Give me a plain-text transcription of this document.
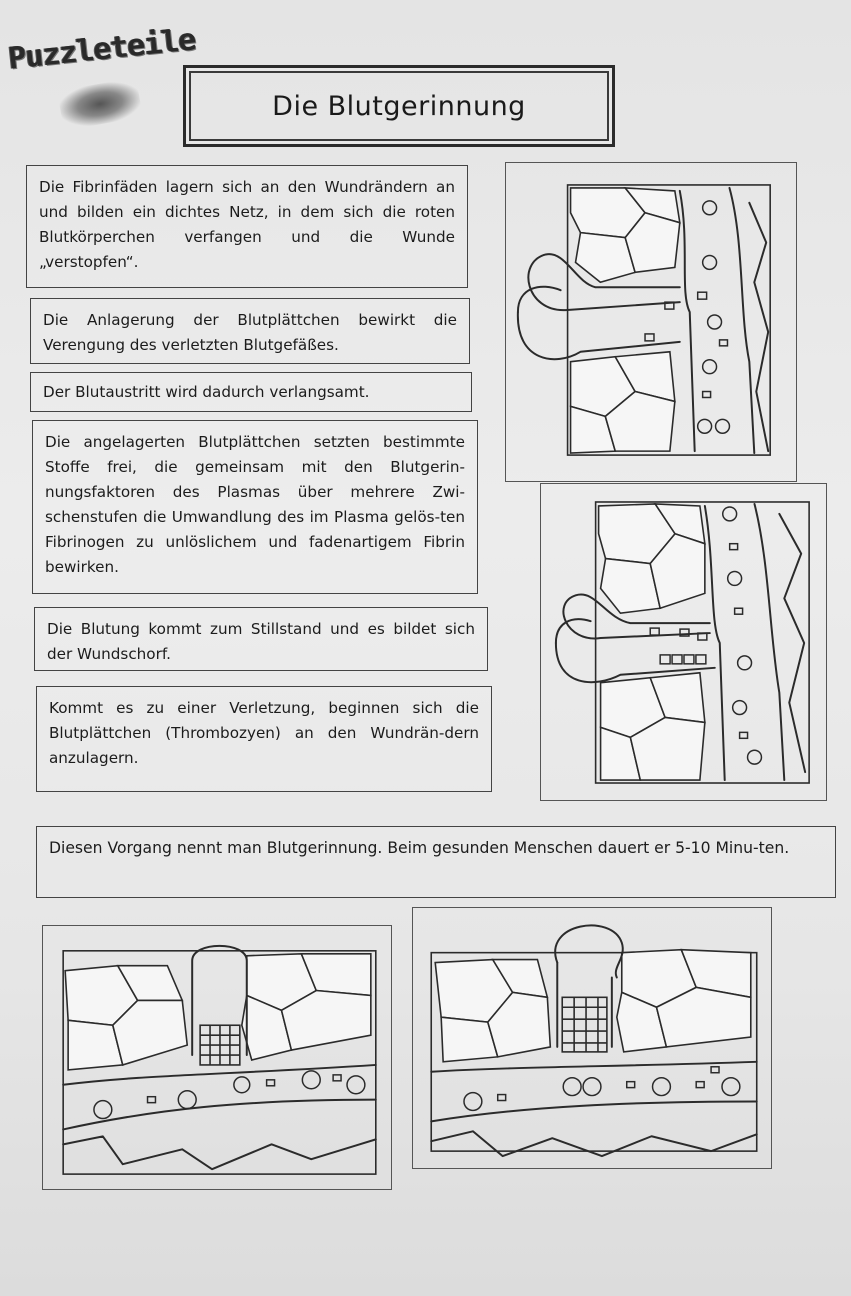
Puzzleteile
Die Blutgerinnung
Die Fibrinfäden lagern sich an den Wundrändern an und bilden ein dichtes Netz, in dem sich die roten Blutkörperchen verfangen und die Wunde „verstopfen“.
Die Anlagerung der Blutplättchen bewirkt die Verengung des verletzten Blutgefäßes.
Der Blutaustritt wird dadurch verlangsamt.
Die angelagerten Blutplättchen setzten bestimmte Stoffe frei, die gemeinsam mit den Blutgerin-nungsfaktoren des Plasmas über mehrere Zwi-schenstufen die Umwandlung des im Plasma gelös-ten Fibrinogen zu unlöslichem und fadenartigem Fibrin bewirken.
Die Blutung kommt zum Stillstand und es bildet sich der Wundschorf.
Kommt es zu einer Verletzung, beginnen sich die Blutplättchen (Thrombozyen) an den Wundrän-dern anzulagern.
Diesen Vorgang nennt man Blutgerinnung. Beim gesunden Menschen dauert er 5-10 Minu-ten.
